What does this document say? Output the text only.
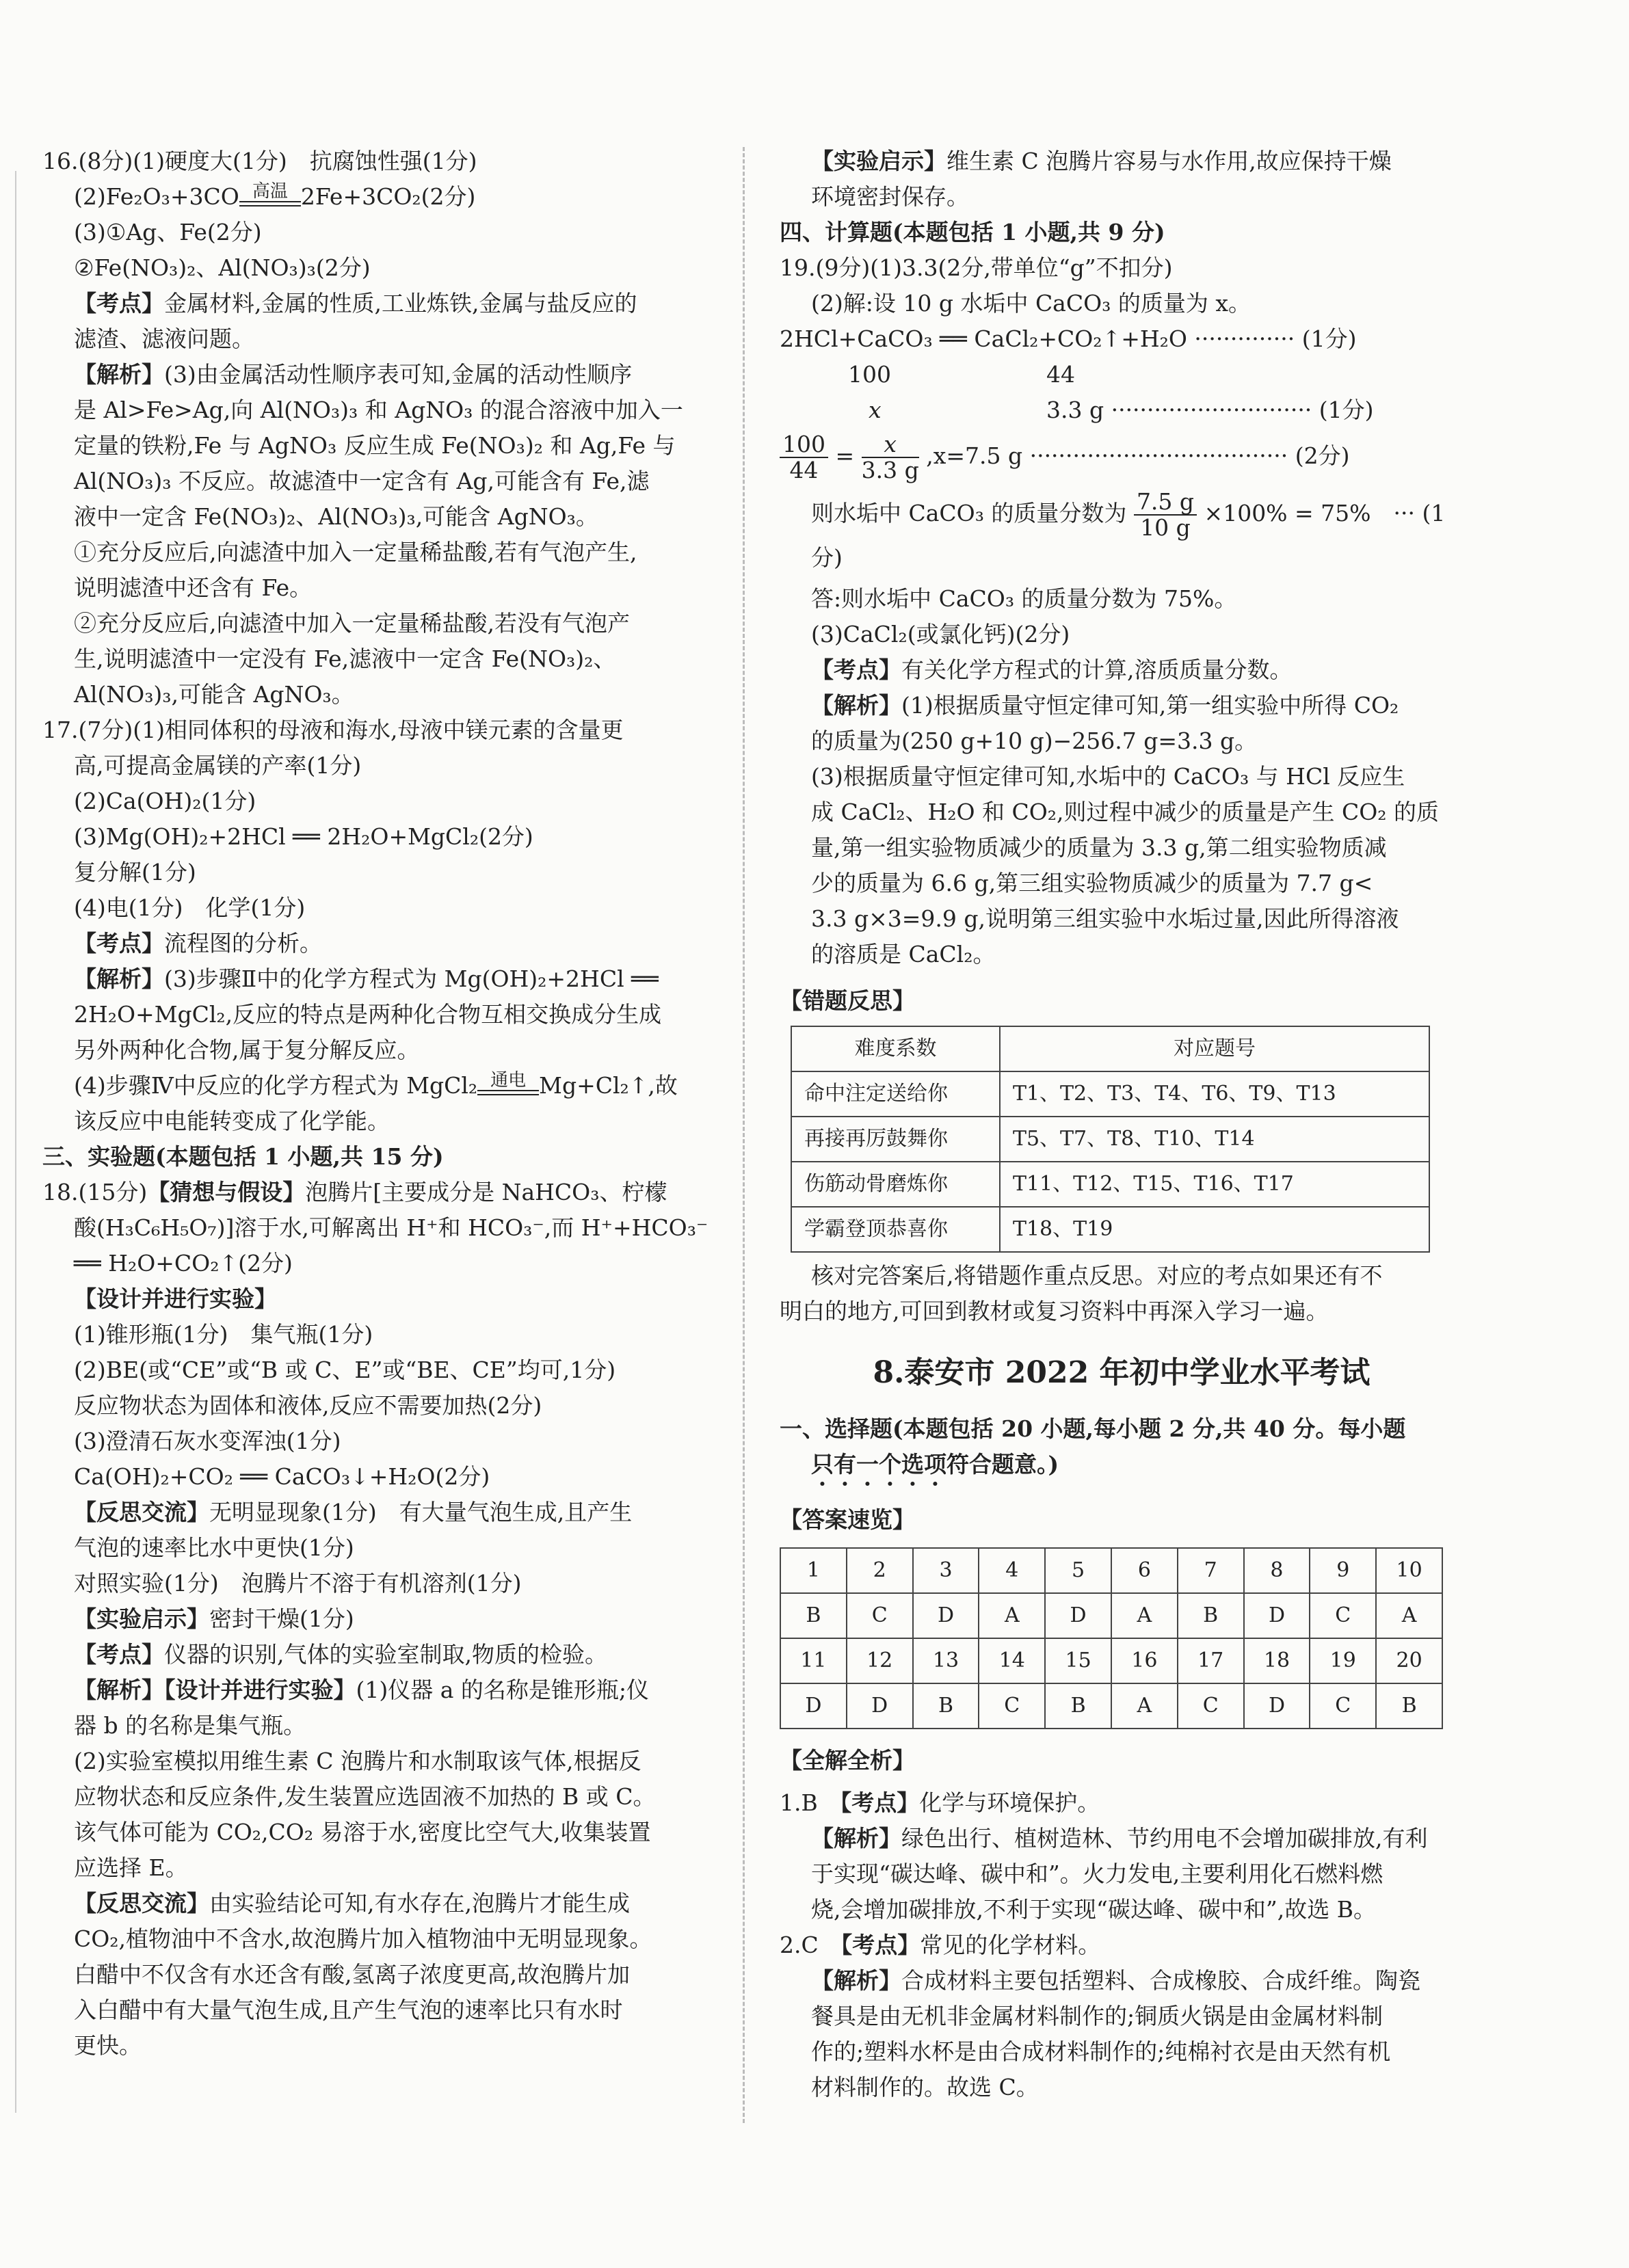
16.(8分)(1)硬度大(1分)　抗腐蚀性强(1分)

(2)Fe₂O₃+3CO 高温 2Fe+3CO₂(2分)

(3)①Ag、Fe(2分)

②Fe(NO₃)₂、Al(NO₃)₃(2分)

【考点】金属材料,金属的性质,工业炼铁,金属与盐反应的

滤渣、滤液问题。

【解析】(3)由金属活动性顺序表可知,金属的活动性顺序

是 Al>Fe>Ag,向 Al(NO₃)₃ 和 AgNO₃ 的混合溶液中加入一

定量的铁粉,Fe 与 AgNO₃ 反应生成 Fe(NO₃)₂ 和 Ag,Fe 与

Al(NO₃)₃ 不反应。故滤渣中一定含有 Ag,可能含有 Fe,滤

液中一定含 Fe(NO₃)₂、Al(NO₃)₃,可能含 AgNO₃。

①充分反应后,向滤渣中加入一定量稀盐酸,若有气泡产生,

说明滤渣中还含有 Fe。

②充分反应后,向滤渣中加入一定量稀盐酸,若没有气泡产

生,说明滤渣中一定没有 Fe,滤液中一定含 Fe(NO₃)₂、

Al(NO₃)₃,可能含 AgNO₃。

17.(7分)(1)相同体积的母液和海水,母液中镁元素的含量更

高,可提高金属镁的产率(1分)

(2)Ca(OH)₂(1分)

(3)Mg(OH)₂+2HCl ══ 2H₂O+MgCl₂(2分)

复分解(1分)

(4)电(1分)　化学(1分)

【考点】流程图的分析。

【解析】(3)步骤Ⅱ中的化学方程式为 Mg(OH)₂+2HCl ══

2H₂O+MgCl₂,反应的特点是两种化合物互相交换成分生成

另外两种化合物,属于复分解反应。

(4)步骤Ⅳ中反应的化学方程式为 MgCl₂ 通电 Mg+Cl₂↑,故

该反应中电能转变成了化学能。

三、实验题(本题包括 1 小题,共 15 分)

18.(15分)【猜想与假设】泡腾片[主要成分是 NaHCO₃、柠檬

酸(H₃C₆H₅O₇)]溶于水,可解离出 H⁺和 HCO₃⁻,而 H⁺+HCO₃⁻

══ H₂O+CO₂↑(2分)

【设计并进行实验】

(1)锥形瓶(1分)　集气瓶(1分)

(2)BE(或“CE”或“B 或 C、E”或“BE、CE”均可,1分)

反应物状态为固体和液体,反应不需要加热(2分)

(3)澄清石灰水变浑浊(1分)

Ca(OH)₂+CO₂ ══ CaCO₃↓+H₂O(2分)

【反思交流】无明显现象(1分)　有大量气泡生成,且产生

气泡的速率比水中更快(1分)

对照实验(1分)　泡腾片不溶于有机溶剂(1分)

【实验启示】密封干燥(1分)

【考点】仪器的识别,气体的实验室制取,物质的检验。

【解析】【设计并进行实验】(1)仪器 a 的名称是锥形瓶;仪

器 b 的名称是集气瓶。

(2)实验室模拟用维生素 C 泡腾片和水制取该气体,根据反

应物状态和反应条件,发生装置应选固液不加热的 B 或 C。

该气体可能为 CO₂,CO₂ 易溶于水,密度比空气大,收集装置

应选择 E。

【反思交流】由实验结论可知,有水存在,泡腾片才能生成

CO₂,植物油中不含水,故泡腾片加入植物油中无明显现象。

白醋中不仅含有水还含有酸,氢离子浓度更高,故泡腾片加

入白醋中有大量气泡生成,且产生气泡的速率比只有水时

更快。

【实验启示】维生素 C 泡腾片容易与水作用,故应保持干燥

环境密封保存。

四、计算题(本题包括 1 小题,共 9 分)

19.(9分)(1)3.3(2分,带单位“g”不扣分)

(2)解:设 10 g 水垢中 CaCO₃ 的质量为 x。

2HCl+CaCO₃ ══ CaCl₂+CO₂↑+H₂O ·············· (1分)

100	44
x	3.3 g ···························· (1分)

$\frac{100}{44} = \frac{x}{3.3 g} ,x=7.5$ g ···································· (2分)

则水垢中 CaCO₃ 的质量分数为 $\frac{7.5 g}{10 g} \times 100\% = 75\%$　··· (1分)

答:则水垢中 CaCO₃ 的质量分数为 75%。

(3)CaCl₂(或氯化钙)(2分)

【考点】有关化学方程式的计算,溶质质量分数。

【解析】(1)根据质量守恒定律可知,第一组实验中所得 CO₂

的质量为(250 g+10 g)−256.7 g=3.3 g。

(3)根据质量守恒定律可知,水垢中的 CaCO₃ 与 HCl 反应生

成 CaCl₂、H₂O 和 CO₂,则过程中减少的质量是产生 CO₂ 的质

量,第一组实验物质减少的质量为 3.3 g,第二组实验物质减

少的质量为 6.6 g,第三组实验物质减少的质量为 7.7 g<

3.3 g×3=9.9 g,说明第三组实验中水垢过量,因此所得溶液

的溶质是 CaCl₂。

【错题反思】

难度系数	对应题号
命中注定送给你	T1、T2、T3、T4、T6、T9、T13
再接再厉鼓舞你	T5、T7、T8、T10、T14
伤筋动骨磨炼你	T11、T12、T15、T16、T17
学霸登顶恭喜你	T18、T19

核对完答案后,将错题作重点反思。对应的考点如果还有不

明白的地方,可回到教材或复习资料中再深入学习一遍。

8.泰安市 2022 年初中学业水平考试

一、选择题(本题包括 20 小题,每小题 2 分,共 40 分。每小题

只有一个选项符合题意。)

【答案速览】

1	2	3	4	5	6	7	8	9	10
B	C	D	A	D	A	B	D	C	A
11	12	13	14	15	16	17	18	19	20
D	D	B	C	B	A	C	D	C	B

【全解全析】

1.B　 【考点】化学与环境保护。

【解析】绿色出行、植树造林、节约用电不会增加碳排放,有利

于实现“碳达峰、碳中和”。火力发电,主要利用化石燃料燃

烧,会增加碳排放,不利于实现“碳达峰、碳中和”,故选 B。

2.C　 【考点】常见的化学材料。

【解析】合成材料主要包括塑料、合成橡胶、合成纤维。陶瓷

餐具是由无机非金属材料制作的;铜质火锅是由金属材料制

作的;塑料水杯是由合成材料制作的;纯棉衬衣是由天然有机

材料制作的。故选 C。
